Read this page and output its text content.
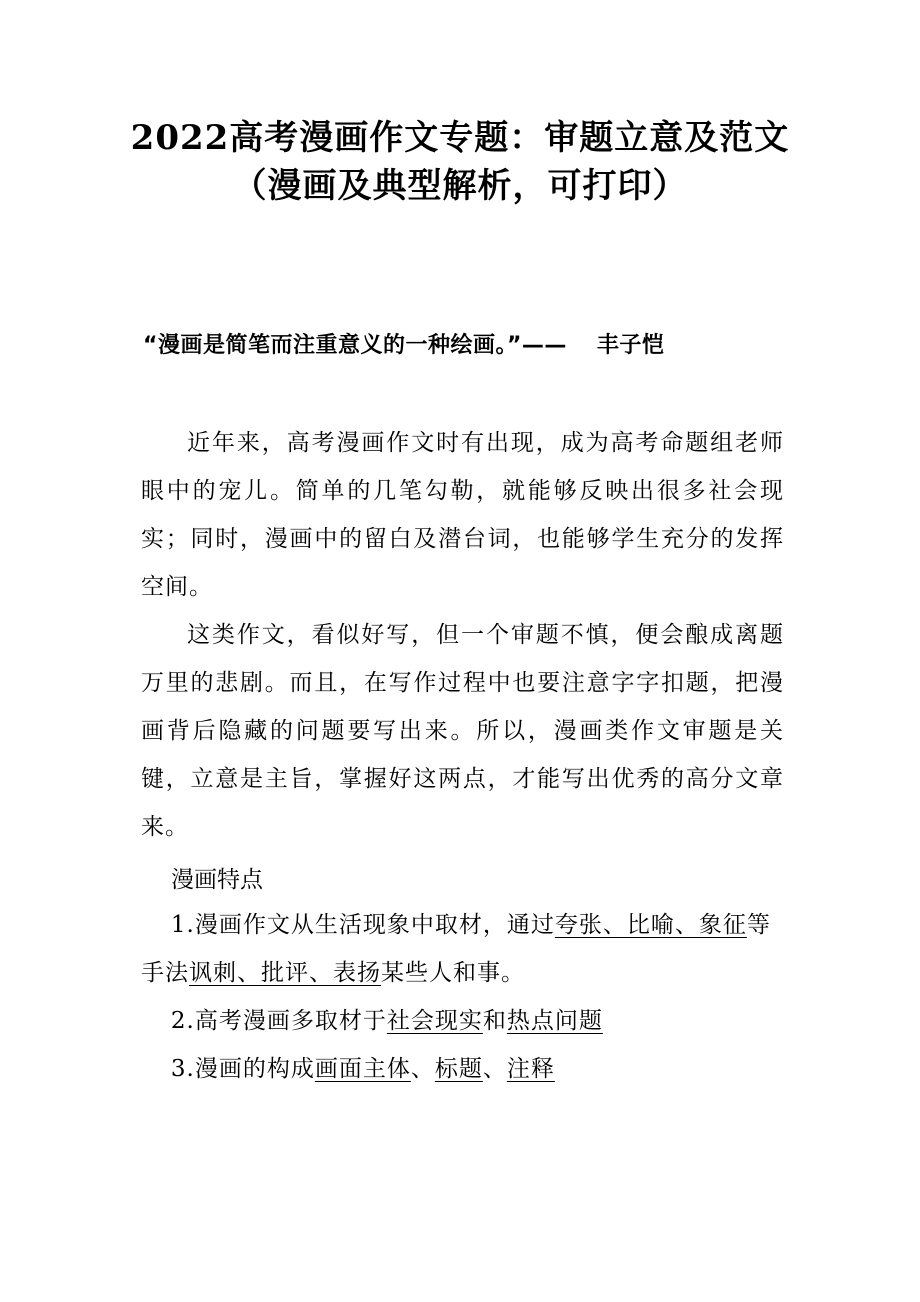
2022高考漫画作文专题：审题立意及范文
（漫画及典型解析，可打印）
“漫画是简笔而注重意义的一种绘画。”—— 丰子恺
近年来，高考漫画作文时有出现，成为高考命题组老师眼中的宠儿。简单的几笔勾勒，就能够反映出很多社会现实；同时，漫画中的留白及潜台词，也能够学生充分的发挥空间。
这类作文，看似好写，但一个审题不慎，便会酿成离题万里的悲剧。而且，在写作过程中也要注意字字扣题，把漫画背后隐藏的问题要写出来。所以，漫画类作文审题是关键，立意是主旨，掌握好这两点，才能写出优秀的高分文章来。
漫画特点
1.漫画作文从生活现象中取材，通过夸张、比喻、象征等手法讽刺、批评、表扬某些人和事。
2.高考漫画多取材于社会现实和热点问题
3.漫画的构成画面主体、标题、注释
